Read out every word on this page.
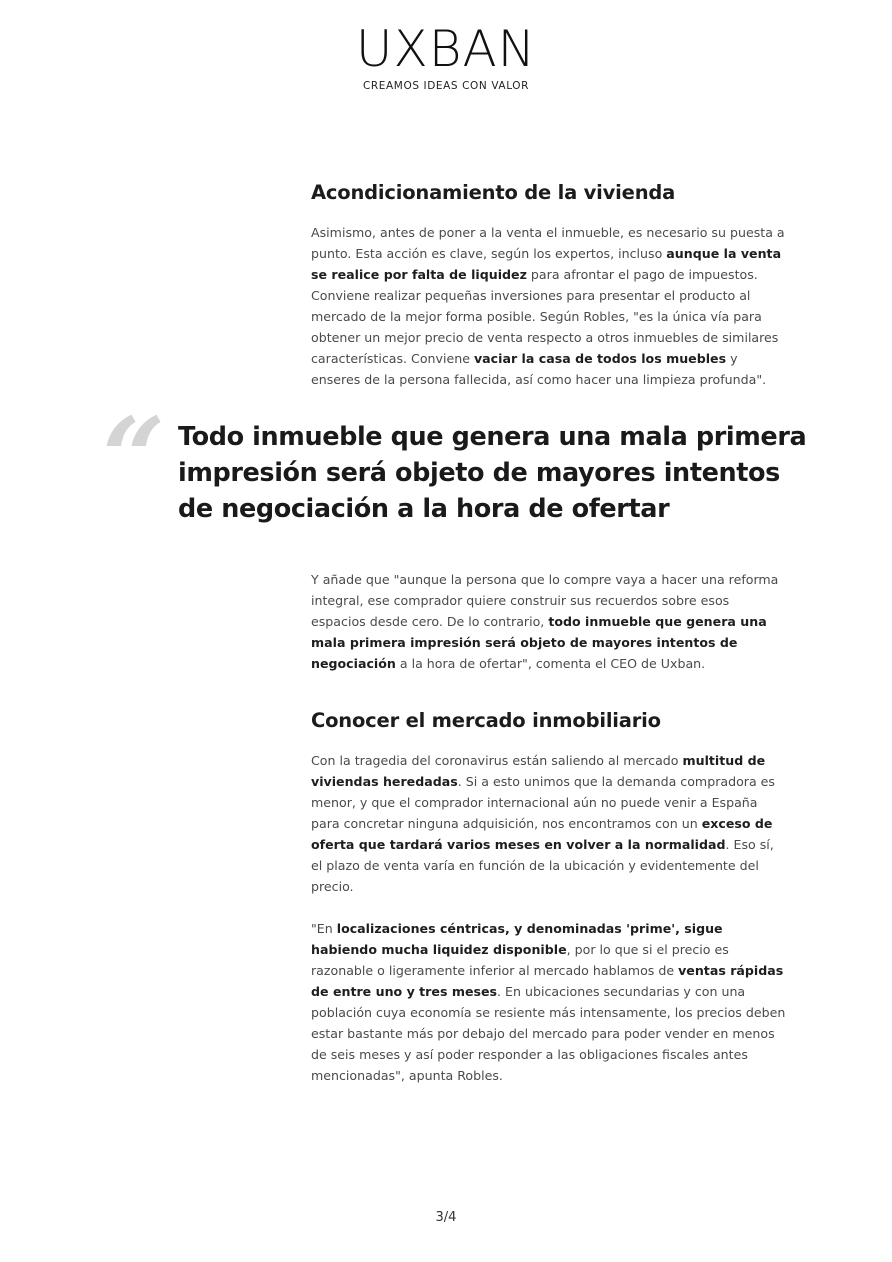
UXBAN
CREAMOS IDEAS CON VALOR
Acondicionamiento de la vivienda

Asimismo, antes de poner a la venta el inmueble, es necesario su puesta a punto. Esta acción es clave, según los expertos, incluso aunque la venta se realice por falta de liquidez para afrontar el pago de impuestos. Conviene realizar pequeñas inversiones para presentar el producto al mercado de la mejor forma posible. Según Robles, "es la única vía para obtener un mejor precio de venta respecto a otros inmuebles de similares características. Conviene vaciar la casa de todos los muebles y enseres de la persona fallecida, así como hacer una limpieza profunda".

“ Todo inmueble que genera una mala primera impresión será objeto de mayores intentos de negociación a la hora de ofertar

Y añade que "aunque la persona que lo compre vaya a hacer una reforma integral, ese comprador quiere construir sus recuerdos sobre esos espacios desde cero. De lo contrario, todo inmueble que genera una mala primera impresión será objeto de mayores intentos de negociación a la hora de ofertar", comenta el CEO de Uxban.

Conocer el mercado inmobiliario

Con la tragedia del coronavirus están saliendo al mercado multitud de viviendas heredadas. Si a esto unimos que la demanda compradora es menor, y que el comprador internacional aún no puede venir a España para concretar ninguna adquisición, nos encontramos con un exceso de oferta que tardará varios meses en volver a la normalidad. Eso sí, el plazo de venta varía en función de la ubicación y evidentemente del precio.

"En localizaciones céntricas, y denominadas 'prime', sigue habiendo mucha liquidez disponible, por lo que si el precio es razonable o ligeramente inferior al mercado hablamos de ventas rápidas de entre uno y tres meses. En ubicaciones secundarias y con una población cuya economía se resiente más intensamente, los precios deben estar bastante más por debajo del mercado para poder vender en menos de seis meses y así poder responder a las obligaciones fiscales antes mencionadas", apunta Robles.

3/4
